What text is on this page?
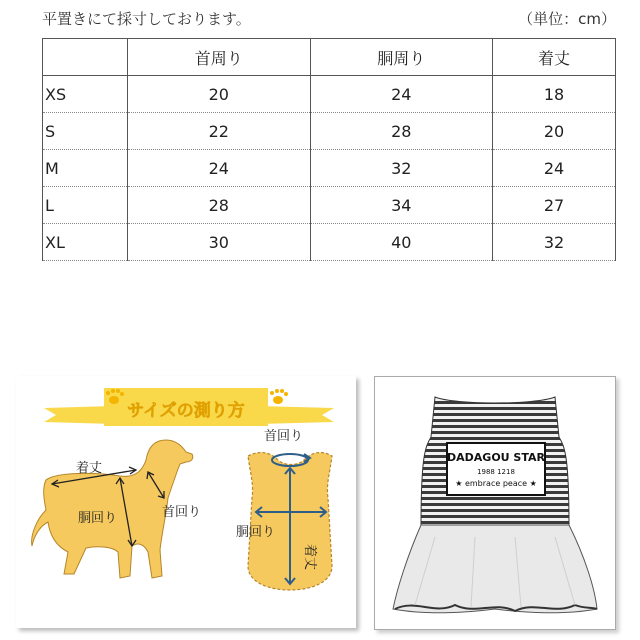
平置きにて採寸しております。	（単位：cm）
	首周り	胴周り	着丈
XS	20	24	18
S	22	28	20
M	24	32	24
L	28	34	27
XL	30	40	32
サイズの測り方
着丈
胴回り	首回り
首回り
胴回り
着丈
DADAGOU STAR
1988 1218
★ embrace peace ★
